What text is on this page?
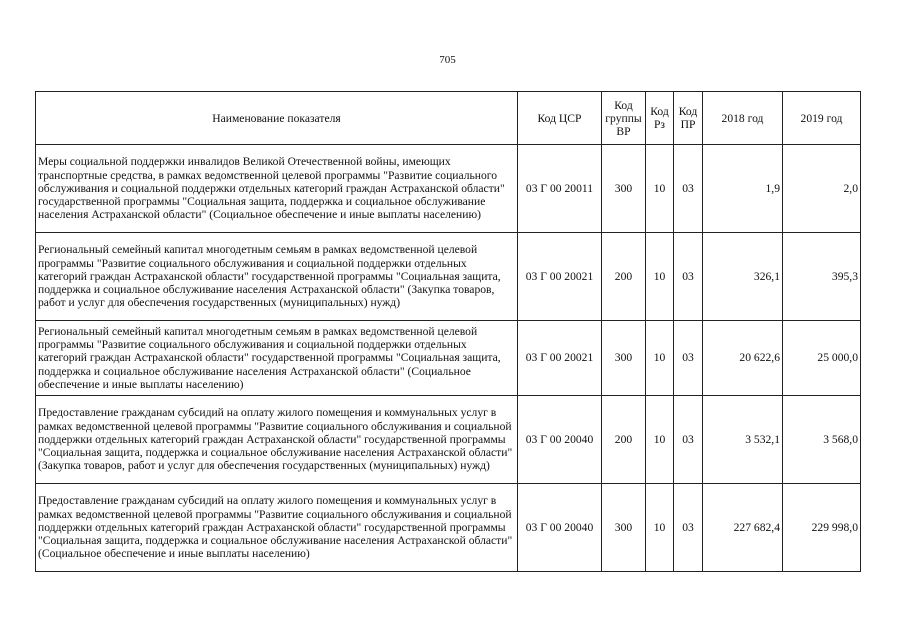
705
Наименование показателя	Код ЦСР	Код группы ВР	Код Рз	Код ПР	2018 год	2019 год
Меры социальной поддержки инвалидов Великой Отечественной войны, имеющих транспортные средства, в рамках ведомственной целевой программы "Развитие социального обслуживания и социальной поддержки отдельных категорий граждан Астраханской области" государственной программы "Социальная защита, поддержка и социальное обслуживание населения Астраханской области" (Социальное обеспечение и иные выплаты населению)	03 Г 00 20011	300	10	03	1,9	2,0
Региональный семейный капитал многодетным семьям в рамках ведомственной целевой программы "Развитие социального обслуживания и социальной поддержки отдельных категорий граждан Астраханской области" государственной программы "Социальная защита, поддержка и социальное обслуживание населения Астраханской области" (Закупка товаров, работ и услуг для обеспечения государственных (муниципальных) нужд)	03 Г 00 20021	200	10	03	326,1	395,3
Региональный семейный капитал многодетным семьям в рамках ведомственной целевой программы "Развитие социального обслуживания и социальной поддержки отдельных категорий граждан Астраханской области" государственной программы "Социальная защита, поддержка и социальное обслуживание населения Астраханской области" (Социальное обеспечение и иные выплаты населению)	03 Г 00 20021	300	10	03	20 622,6	25 000,0
Предоставление гражданам субсидий на оплату жилого помещения и коммунальных услуг в рамках ведомственной целевой программы "Развитие социального обслуживания и социальной поддержки отдельных категорий граждан Астраханской области" государственной программы "Социальная защита, поддержка и социальное обслуживание населения Астраханской области" (Закупка товаров, работ и услуг для обеспечения государственных (муниципальных) нужд)	03 Г 00 20040	200	10	03	3 532,1	3 568,0
Предоставление гражданам субсидий на оплату жилого помещения и коммунальных услуг в рамках ведомственной целевой программы "Развитие социального обслуживания и социальной поддержки отдельных категорий граждан Астраханской области" государственной программы "Социальная защита, поддержка и социальное обслуживание населения Астраханской области" (Социальное обеспечение и иные выплаты населению)	03 Г 00 20040	300	10	03	227 682,4	229 998,0
